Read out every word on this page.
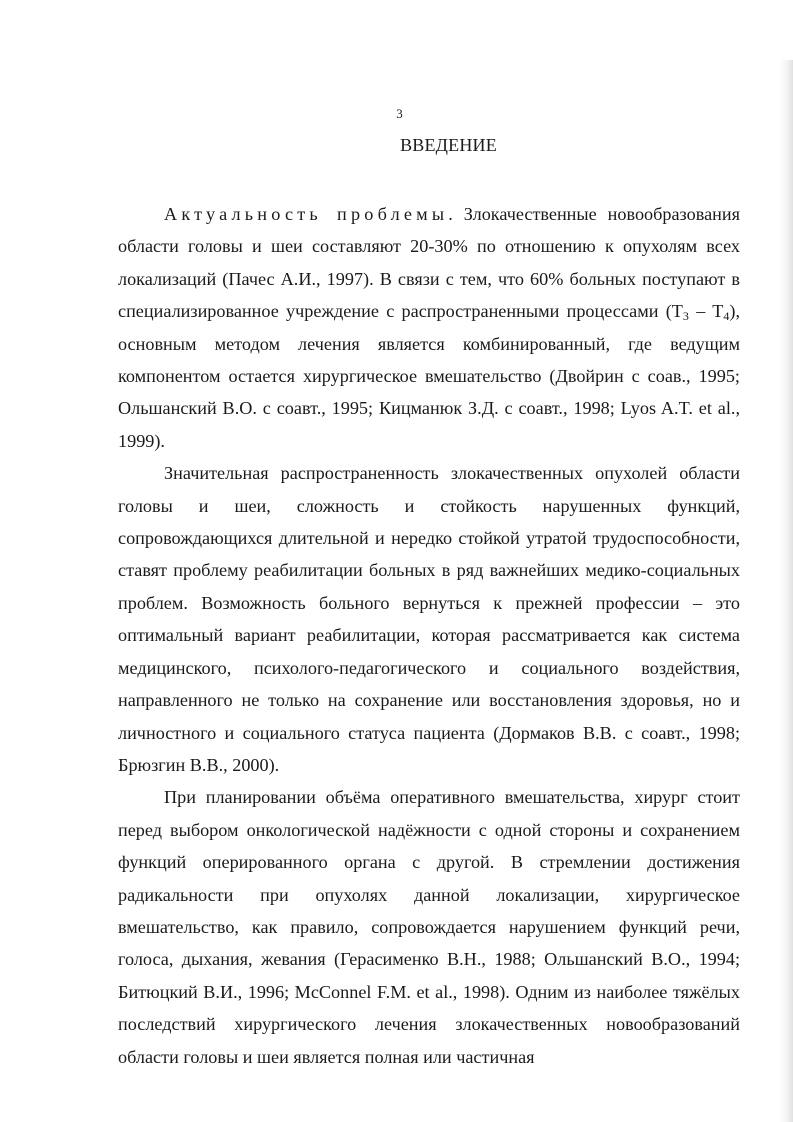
3
ВВЕДЕНИЕ

Актуальность проблемы. Злокачественные новообразования области головы и шеи составляют 20-30% по отношению к опухолям всех локализаций (Пачес А.И., 1997). В связи с тем, что 60% больных поступают в специализированное учреждение с распространенными процессами $(T_3 - T_4)$, основным методом лечения является комбинированный, где ведущим компонентом остается хирургическое вмешательство (Двойрин с соав., 1995; Ольшанский В.О. с соавт., 1995; Кицманюк З.Д. с соавт., 1998; Lyos A.T. et al., 1999).

Значительная распространенность злокачественных опухолей области головы и шеи, сложность и стойкость нарушенных функций, сопровождающихся длительной и нередко стойкой утратой трудоспособности, ставят проблему реабилитации больных в ряд важнейших медико-социальных проблем. Возможность больного вернуться к прежней профессии – это оптимальный вариант реабилитации, которая рассматривается как система медицинского, психолого-педагогического и социального воздействия, направленного не только на сохранение или восстановления здоровья, но и личностного и социального статуса пациента (Дормаков В.В. с соавт., 1998; Брюзгин В.В., 2000).

При планировании объёма оперативного вмешательства, хирург стоит перед выбором онкологической надёжности с одной стороны и сохранением функций оперированного органа с другой. В стремлении достижения радикальности при опухолях данной локализации, хирургическое вмешательство, как правило, сопровождается нарушением функций речи, голоса, дыхания, жевания (Герасименко В.Н., 1988; Ольшанский В.О., 1994; Битюцкий В.И., 1996; McConnel F.M. et al., 1998). Одним из наиболее тяжёлых последствий хирургического лечения злокачественных новообразований области головы и шеи является полная или частичная
